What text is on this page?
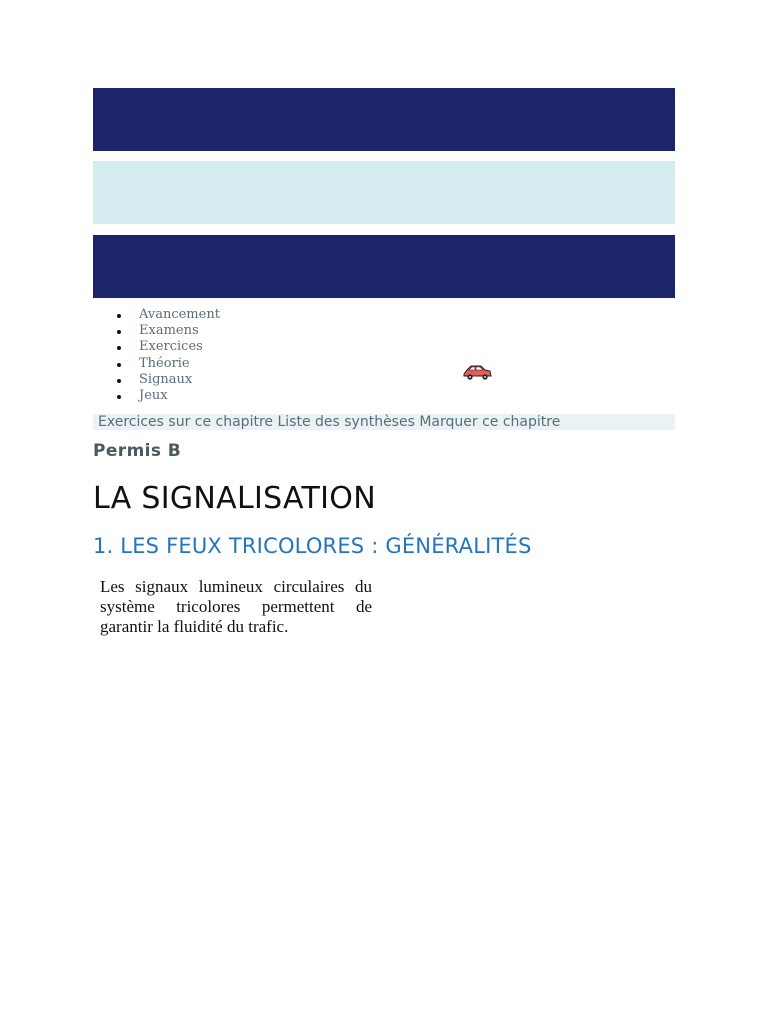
Avancement
Examens
Exercices
Théorie
Signaux
Jeux
Exercices sur ce chapitre Liste des synthèses Marquer ce chapitre
Permis B
LA SIGNALISATION
1. LES FEUX TRICOLORES : GÉNÉRALITÉS
Les signaux lumineux circulaires du système tricolores permettent de garantir la fluidité du trafic.
